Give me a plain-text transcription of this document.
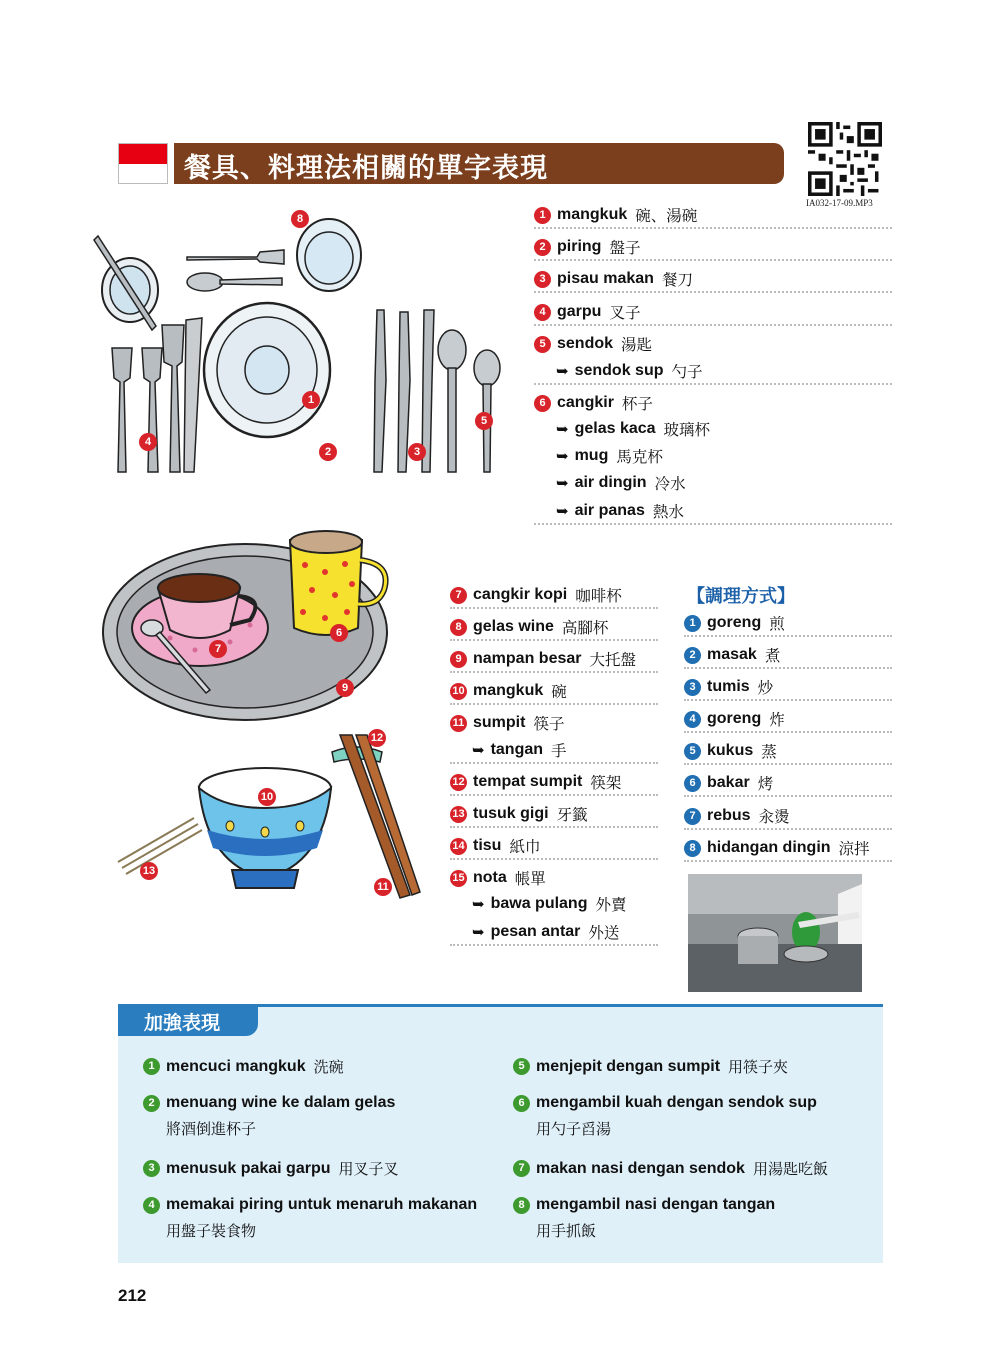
餐具、料理法相關的單字表現
IA032-17-09.MP3
8
1
2	3
4
5
6
7
9
12
10
13
11
1 mangkuk 碗、湯碗
2 piring 盤子
3 pisau makan 餐刀
4 garpu 叉子
5 sendok 湯匙
➥ sendok sup 勺子
6 cangkir 杯子
➥ gelas kaca 玻璃杯
➥ mug 馬克杯
➥ air dingin 冷水
➥ air panas 熱水
7 cangkir kopi 咖啡杯
8 gelas wine 高腳杯
9 nampan besar 大托盤
10 mangkuk 碗
11 sumpit 筷子
➥ tangan 手
12 tempat sumpit 筷架
13 tusuk gigi 牙籤
14 tisu 紙巾
15 nota 帳單
➥ bawa pulang 外賣
➥ pesan antar 外送
【調理方式】
1 goreng 煎
2 masak 煮
3 tumis 炒
4 goreng 炸
5 kukus 蒸
6 bakar 烤
7 rebus 汆燙
8 hidangan dingin 涼拌
加強表現
1 mencuci mangkuk 洗碗
2 menuang wine ke dalam gelas
將酒倒進杯子
3 menusuk pakai garpu 用叉子叉
4 memakai piring untuk menaruh makanan
用盤子裝食物
5 menjepit dengan sumpit 用筷子夾
6 mengambil kuah dengan sendok sup
用勺子舀湯
7 makan nasi dengan sendok 用湯匙吃飯
8 mengambil nasi dengan tangan
用手抓飯
212
